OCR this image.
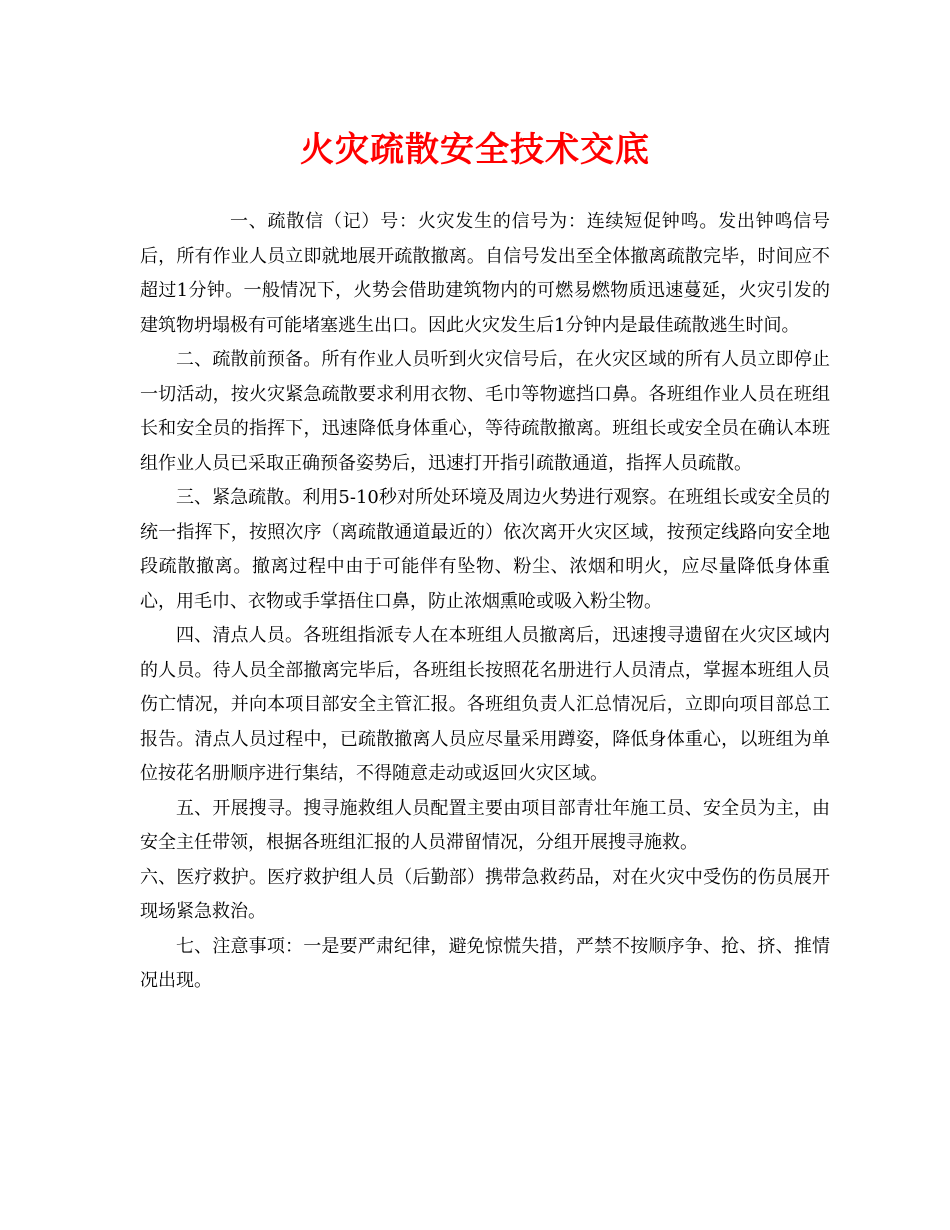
火灾疏散安全技术交底

一、疏散信（记）号：火灾发生的信号为：连续短促钟鸣。发出钟鸣信号后，所有作业人员立即就地展开疏散撤离。自信号发出至全体撤离疏散完毕，时间应不超过1分钟。一般情况下，火势会借助建筑物内的可燃易燃物质迅速蔓延，火灾引发的建筑物坍塌极有可能堵塞逃生出口。因此火灾发生后1分钟内是最佳疏散逃生时间。

二、疏散前预备。所有作业人员听到火灾信号后，在火灾区域的所有人员立即停止一切活动，按火灾紧急疏散要求利用衣物、毛巾等物遮挡口鼻。各班组作业人员在班组长和安全员的指挥下，迅速降低身体重心，等待疏散撤离。班组长或安全员在确认本班组作业人员已采取正确预备姿势后，迅速打开指引疏散通道，指挥人员疏散。

三、紧急疏散。利用5-10秒对所处环境及周边火势进行观察。在班组长或安全员的统一指挥下，按照次序（离疏散通道最近的）依次离开火灾区域，按预定线路向安全地段疏散撤离。撤离过程中由于可能伴有坠物、粉尘、浓烟和明火，应尽量降低身体重心，用毛巾、衣物或手掌捂住口鼻，防止浓烟熏呛或吸入粉尘物。

四、清点人员。各班组指派专人在本班组人员撤离后，迅速搜寻遗留在火灾区域内的人员。待人员全部撤离完毕后，各班组长按照花名册进行人员清点，掌握本班组人员伤亡情况，并向本项目部安全主管汇报。各班组负责人汇总情况后，立即向项目部总工报告。清点人员过程中，已疏散撤离人员应尽量采用蹲姿，降低身体重心，以班组为单位按花名册顺序进行集结，不得随意走动或返回火灾区域。

五、开展搜寻。搜寻施救组人员配置主要由项目部青壮年施工员、安全员为主，由安全主任带领，根据各班组汇报的人员滞留情况，分组开展搜寻施救。

六、医疗救护。医疗救护组人员（后勤部）携带急救药品，对在火灾中受伤的伤员展开现场紧急救治。

七、注意事项：一是要严肃纪律，避免惊慌失措，严禁不按顺序争、抢、挤、推情况出现。
